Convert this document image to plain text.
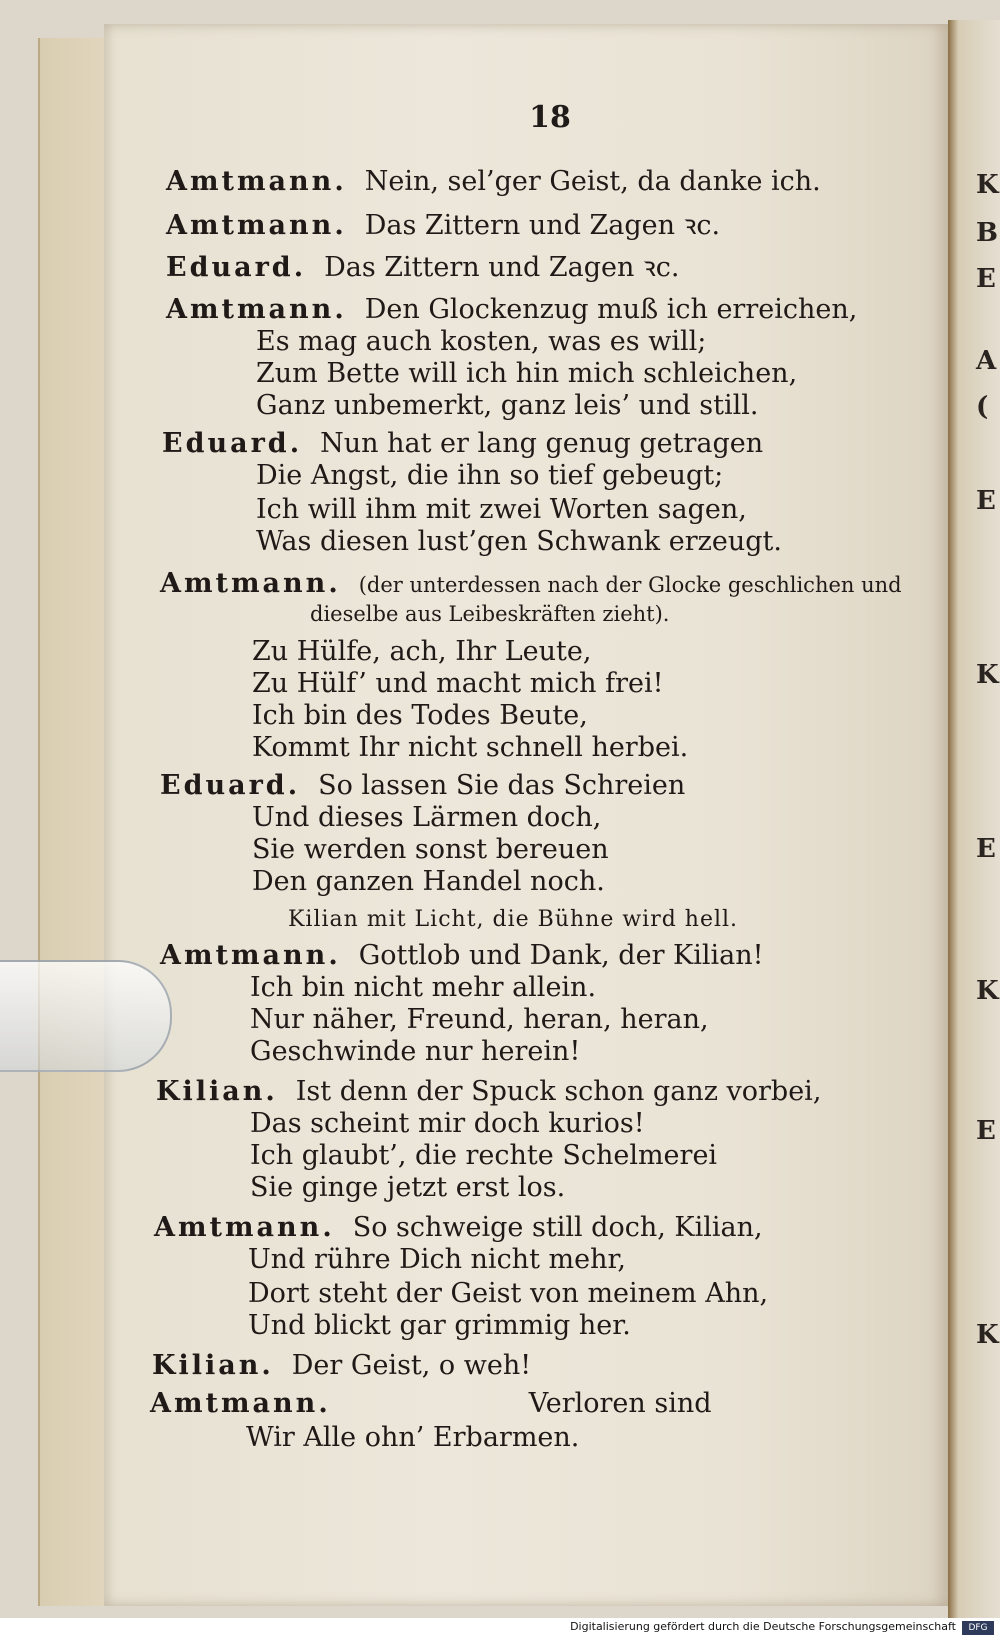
18
Amtmann. Nein, sel’ger Geist, da danke ich.
Amtmann. Das Zittern und Zagen ꝛc.
Eduard. Das Zittern und Zagen ꝛc.
Amtmann. Den Glockenzug muß ich erreichen,
Es mag auch kosten, was es will;
Zum Bette will ich hin mich schleichen,
Ganz unbemerkt, ganz leis’ und still.
Eduard. Nun hat er lang genug getragen
Die Angst, die ihn so tief gebeugt;
Ich will ihm mit zwei Worten sagen,
Was diesen lust’gen Schwank erzeugt.
Amtmann. (der unterdessen nach der Glocke geschlichen und
dieselbe aus Leibeskräften zieht).
Zu Hülfe, ach, Ihr Leute,
Zu Hülf’ und macht mich frei!
Ich bin des Todes Beute,
Kommt Ihr nicht schnell herbei.
Eduard. So lassen Sie das Schreien
Und dieses Lärmen doch,
Sie werden sonst bereuen
Den ganzen Handel noch.
Kilian mit Licht, die Bühne wird hell.
Amtmann. Gottlob und Dank, der Kilian!
Ich bin nicht mehr allein.
Nur näher, Freund, heran, heran,
Geschwinde nur herein!
Kilian. Ist denn der Spuck schon ganz vorbei,
Das scheint mir doch kurios!
Ich glaubt’, die rechte Schelmerei
Sie ginge jetzt erst los.
Amtmann. So schweige still doch, Kilian,
Und rühre Dich nicht mehr,
Dort steht der Geist von meinem Ahn,
Und blickt gar grimmig her.
Kilian. Der Geist, o weh!
Amtmann.	Verloren sind
Wir Alle ohn’ Erbarmen.
K
B
E
A
(
E
K
E
K
E
K
Digitalisierung gefördert durch die Deutsche Forschungsgemeinschaft	DFG
